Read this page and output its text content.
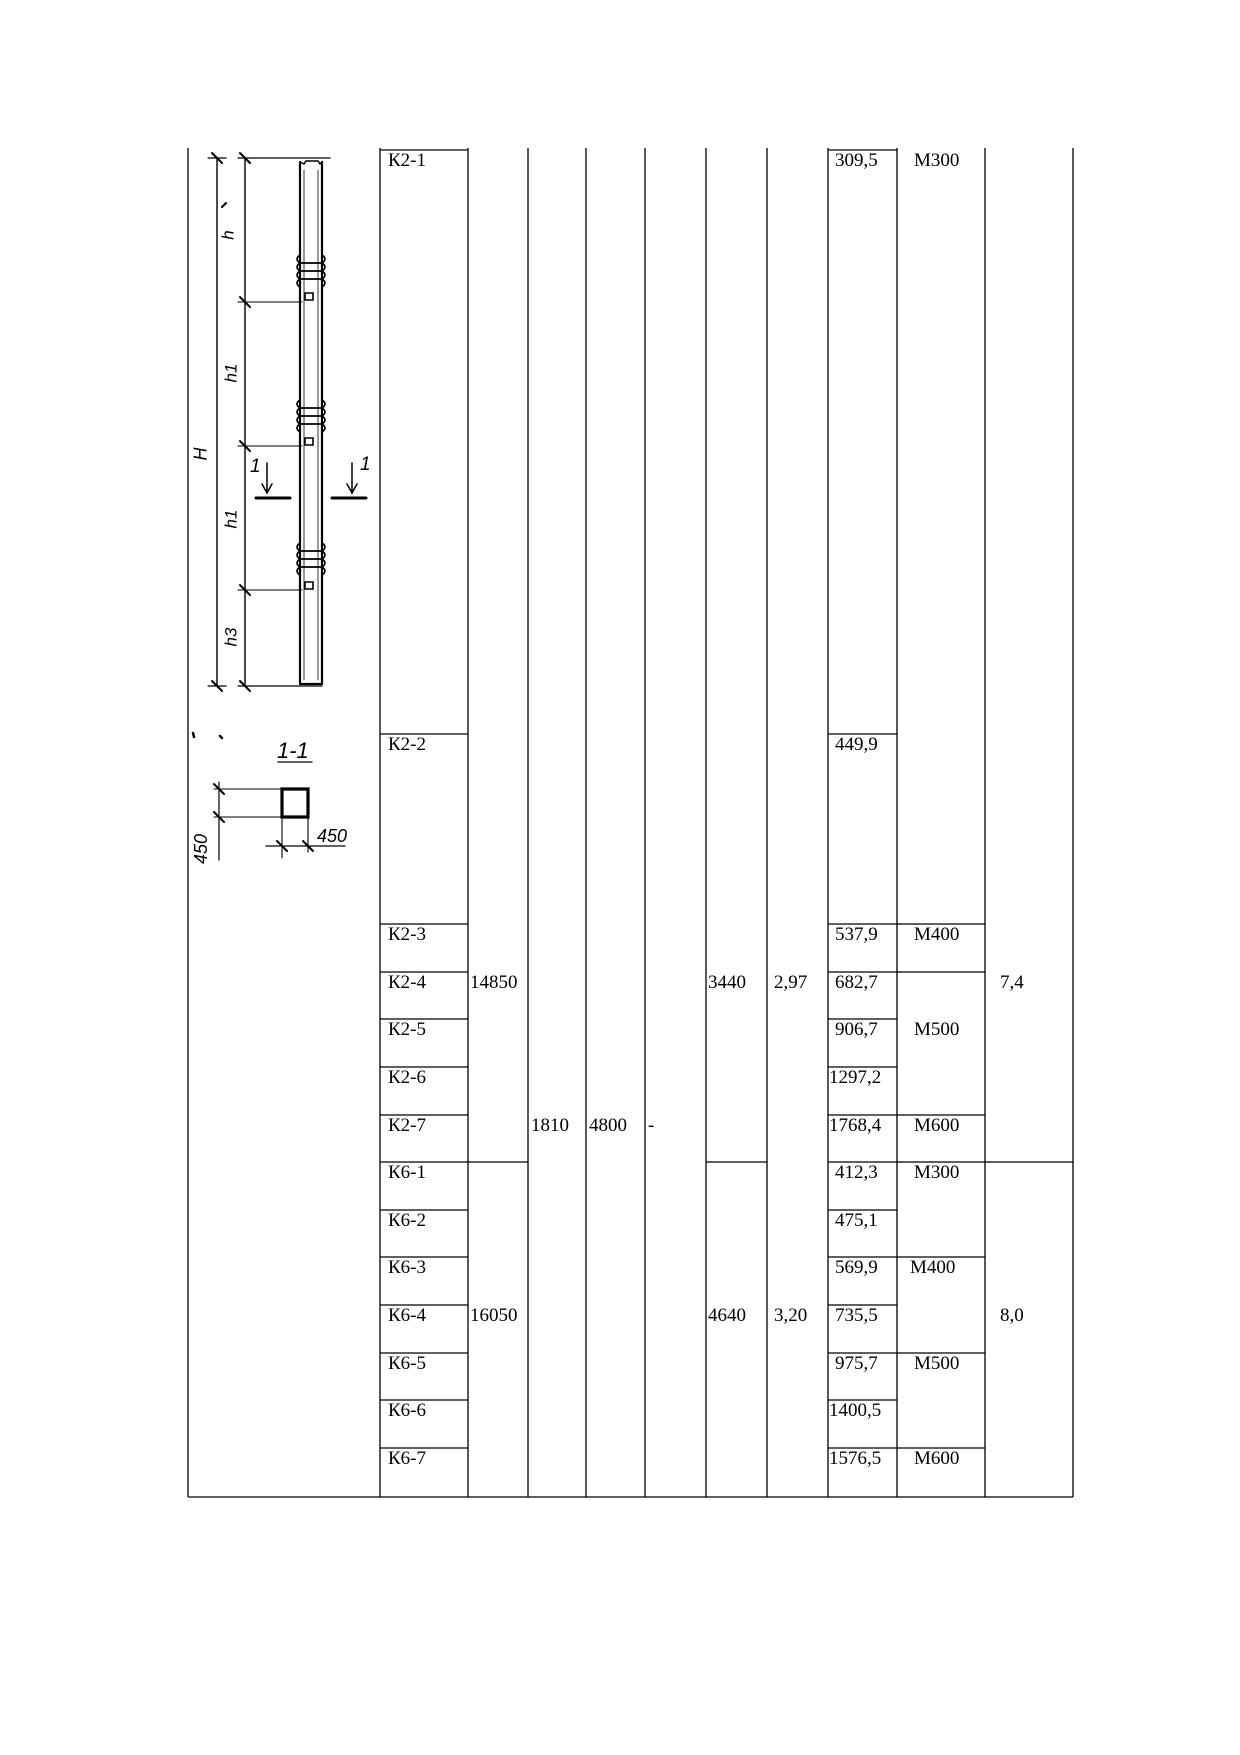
h
h1
H
h1
h3
1	1
1-1
450	450
К2-1
К2-2
К2-3
К2-4
К2-5
К2-6
К2-7
К6-1
К6-2
К6-3
К6-4
К6-5
К6-6
К6-7
14850
16050
1810 4800 -
3440
4640
2,97
3,20
309,5
449,9
537,9
682,7
906,7
1297,2
1768,4
412,3
475,1
569,9
735,5
975,7
1400,5
1576,5
М300
М400
М500
М600
М300
М400
М500
М600
7,4
8,0
